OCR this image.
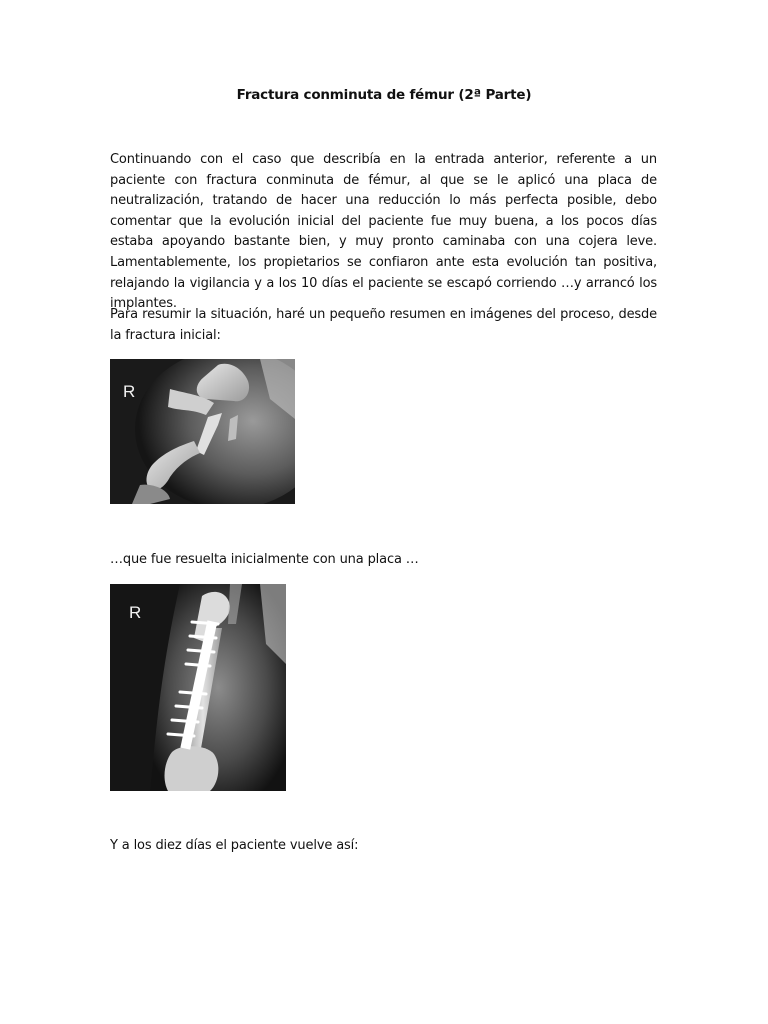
Fractura conminuta de fémur (2ª Parte)
Continuando con el caso que describía en la entrada anterior, referente a un paciente con fractura conminuta de fémur, al que se le aplicó una placa de neutralización, tratando de hacer una reducción lo más perfecta posible, debo comentar que la evolución inicial del paciente fue muy buena, a los pocos días estaba apoyando bastante bien, y muy pronto caminaba con una cojera leve. Lamentablemente, los propietarios se confiaron ante esta evolución tan positiva, relajando la vigilancia y a los 10 días el paciente se escapó corriendo …y arrancó los implantes.
Para resumir la situación, haré un pequeño resumen en imágenes del proceso, desde la fractura inicial:
R
…que fue resuelta inicialmente con una placa …
R
Y a los diez días el paciente vuelve así:
